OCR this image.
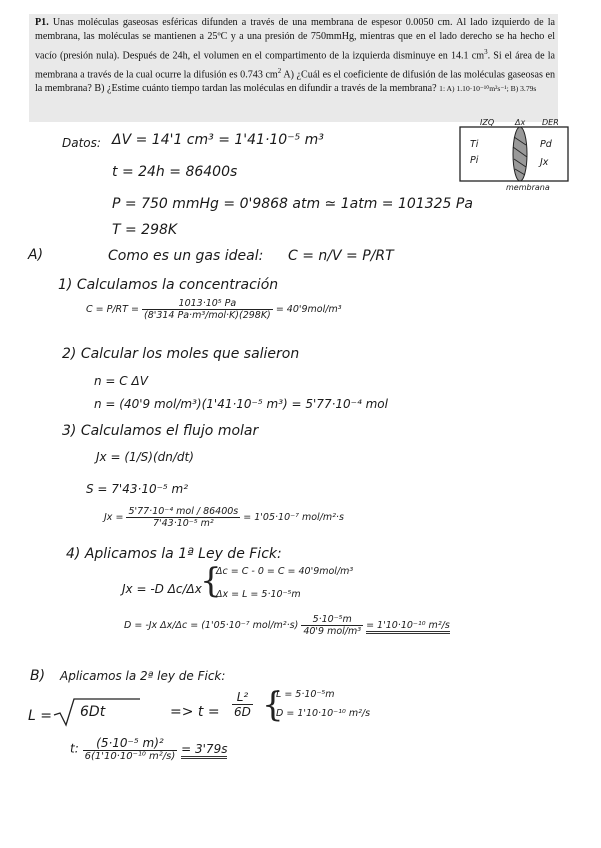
P1. Unas moléculas gaseosas esféricas difunden a través de una membrana de espesor 0.0050 cm. Al lado izquierdo de la membrana, las moléculas se mantienen a 25ºC y a una presión de 750mmHg, mientras que en el lado derecho se ha hecho el vacío (presión nula). Después de 24h, el volumen en el compartimento de la izquierda disminuye en 14.1 $cm^3$. Si el área de la membrana a través de la cual ocurre la difusión es 0.743 $cm^2$ A) ¿Cuál es el coeficiente de difusión de las moléculas gaseosas en la membrana? B) ¿Estime cuánto tiempo tardan las moléculas en difundir a través de la membrana? 1: A) 1.10·10⁻¹⁰m²s⁻¹; B) 3.79s
IZQ	Δx DER
Ti
Pi
Pd
Jx
membrana
Datos: ΔV = 14'1 cm³ = 1'41·10⁻⁵ m³
t = 24h = 86400s
P = 750 mmHg = 0'9868 atm ≃ 1atm = 101325 Pa
T = 298K
A)	Como es un gas ideal: C = n/V = P/RT
1) Calculamos la concentración
$C = P/RT = \frac{\text{1013·10⁵ Pa}}{\text{(8'314 Pa·m³/mol·K)(298K)}} = 40'9mol/m^3$
2) Calcular los moles que salieron
n = C ΔV
n = (40'9 mol/m³)(1'41·10⁻⁵ m³) = 5'77·10⁻⁴ mol
3) Calculamos el flujo molar
Jx = (1/S)(dn/dt)
S = 7'43·10⁻⁵ m²
$Jx = \frac{\text{5'77·10⁻⁴ mol / 86400s}}{\text{7'43·10⁻⁵ m²}} = 1'05\cdot 10^{-7}$ mol/m²·s
4) Aplicamos la 1ª Ley de Fick:
Jx = -D Δc/Δx
{
Δc = C - 0 = C = 40'9mol/m³
Δx = L = 5·10⁻⁵m
D = -Jx Δx/Δc = (1'05·10⁻⁷ $mol/m^2\cdot s) \frac{\text{5·10⁻⁵m}}{\text{40'9 mol/m³}} = 1'10\cdot 10^{-10}$ m²/s
B) Aplicamos la 2ª ley de Fick:
L = 6Dt	=> $t = \frac{\text{L²}}{6D}$ {
L = 5·10⁻⁵m
D = 1'10·10⁻¹⁰ m²/s
t: $\frac{\text{(5·10⁻⁵ m)²}}{\text{6(1'10·10⁻¹⁰ m²/s)}} = 3'79s$
